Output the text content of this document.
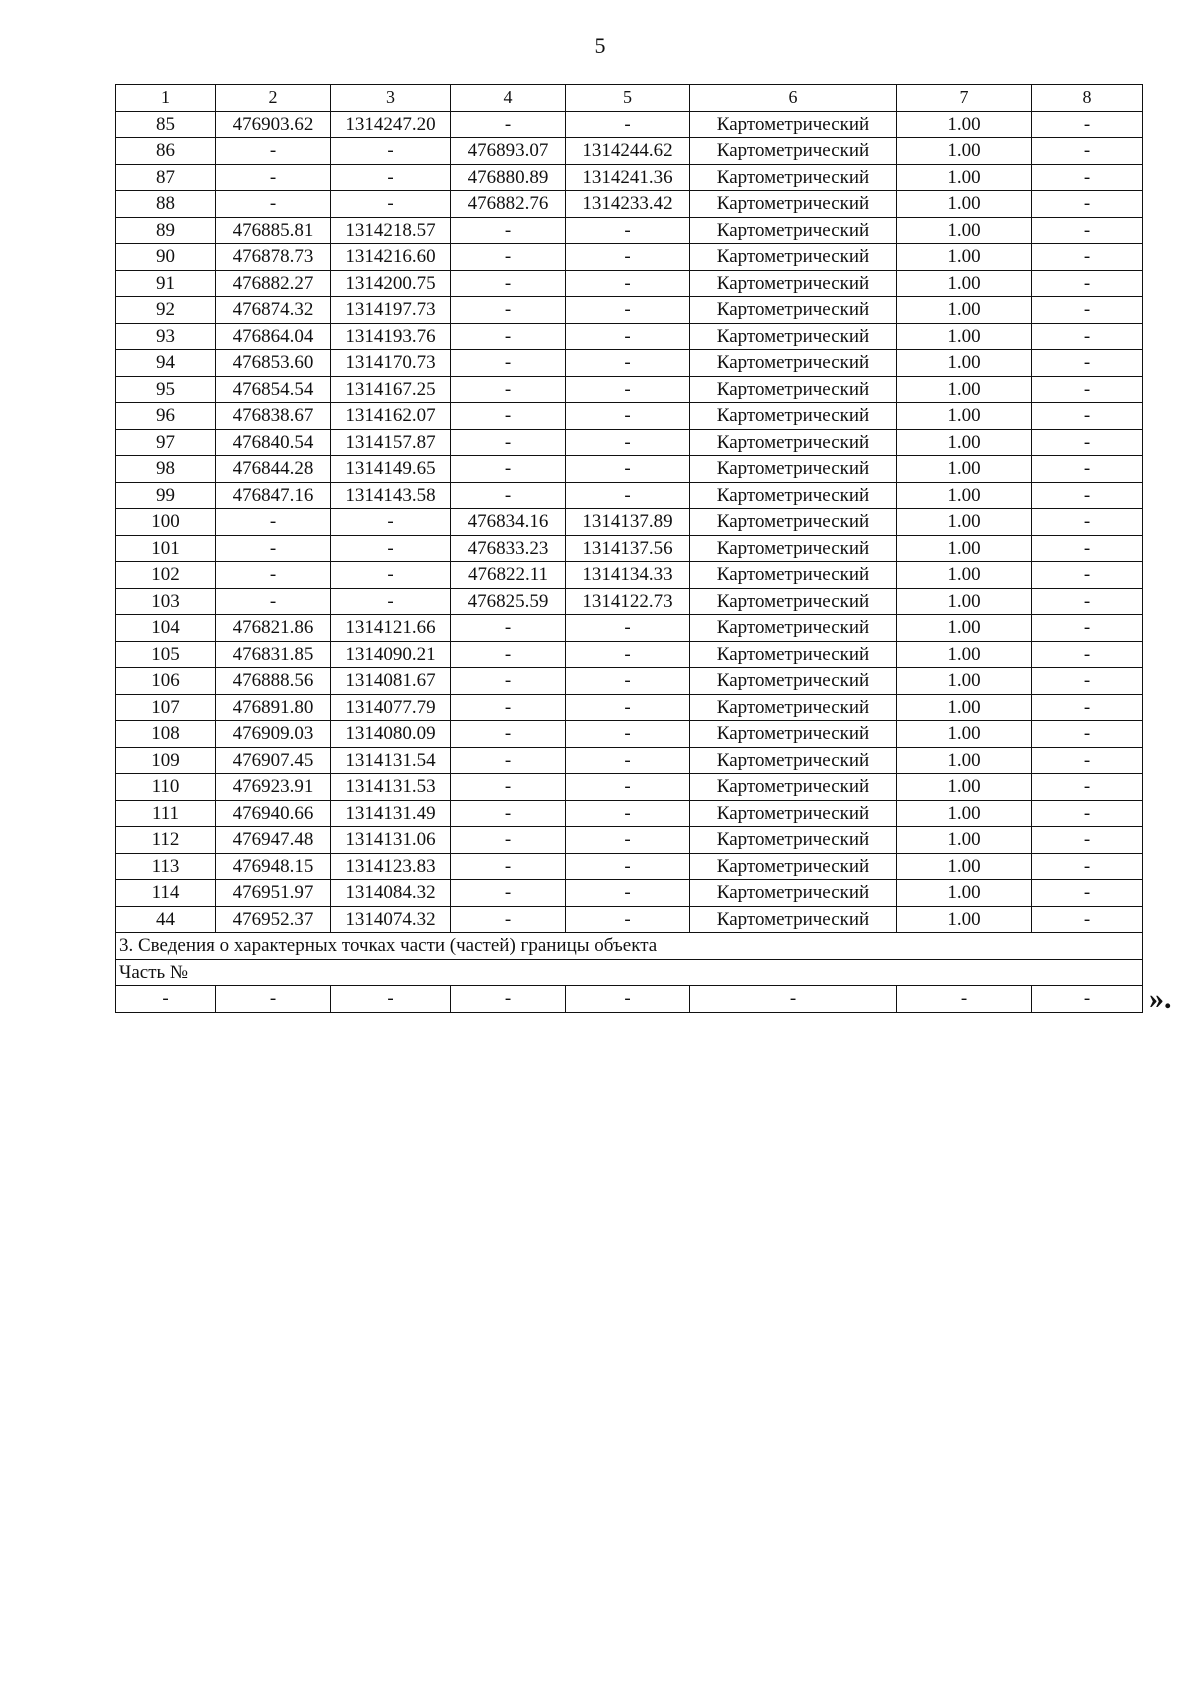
5
1	2	3	4	5	6	7	8
85	476903.62	1314247.20	-	-	Картометрический	1.00	-
86	-	-	476893.07	1314244.62	Картометрический	1.00	-
87	-	-	476880.89	1314241.36	Картометрический	1.00	-
88	-	-	476882.76	1314233.42	Картометрический	1.00	-
89	476885.81	1314218.57	-	-	Картометрический	1.00	-
90	476878.73	1314216.60	-	-	Картометрический	1.00	-
91	476882.27	1314200.75	-	-	Картометрический	1.00	-
92	476874.32	1314197.73	-	-	Картометрический	1.00	-
93	476864.04	1314193.76	-	-	Картометрический	1.00	-
94	476853.60	1314170.73	-	-	Картометрический	1.00	-
95	476854.54	1314167.25	-	-	Картометрический	1.00	-
96	476838.67	1314162.07	-	-	Картометрический	1.00	-
97	476840.54	1314157.87	-	-	Картометрический	1.00	-
98	476844.28	1314149.65	-	-	Картометрический	1.00	-
99	476847.16	1314143.58	-	-	Картометрический	1.00	-
100	-	-	476834.16	1314137.89	Картометрический	1.00	-
101	-	-	476833.23	1314137.56	Картометрический	1.00	-
102	-	-	476822.11	1314134.33	Картометрический	1.00	-
103	-	-	476825.59	1314122.73	Картометрический	1.00	-
104	476821.86	1314121.66	-	-	Картометрический	1.00	-
105	476831.85	1314090.21	-	-	Картометрический	1.00	-
106	476888.56	1314081.67	-	-	Картометрический	1.00	-
107	476891.80	1314077.79	-	-	Картометрический	1.00	-
108	476909.03	1314080.09	-	-	Картометрический	1.00	-
109	476907.45	1314131.54	-	-	Картометрический	1.00	-
110	476923.91	1314131.53	-	-	Картометрический	1.00	-
111	476940.66	1314131.49	-	-	Картометрический	1.00	-
112	476947.48	1314131.06	-	-	Картометрический	1.00	-
113	476948.15	1314123.83	-	-	Картометрический	1.00	-
114	476951.97	1314084.32	-	-	Картометрический	1.00	-
44	476952.37	1314074.32	-	-	Картометрический	1.00	-
3. Сведения о характерных точках части (частей) границы объекта							
Часть №							
-	-	-	-	-	-	-	- ».
